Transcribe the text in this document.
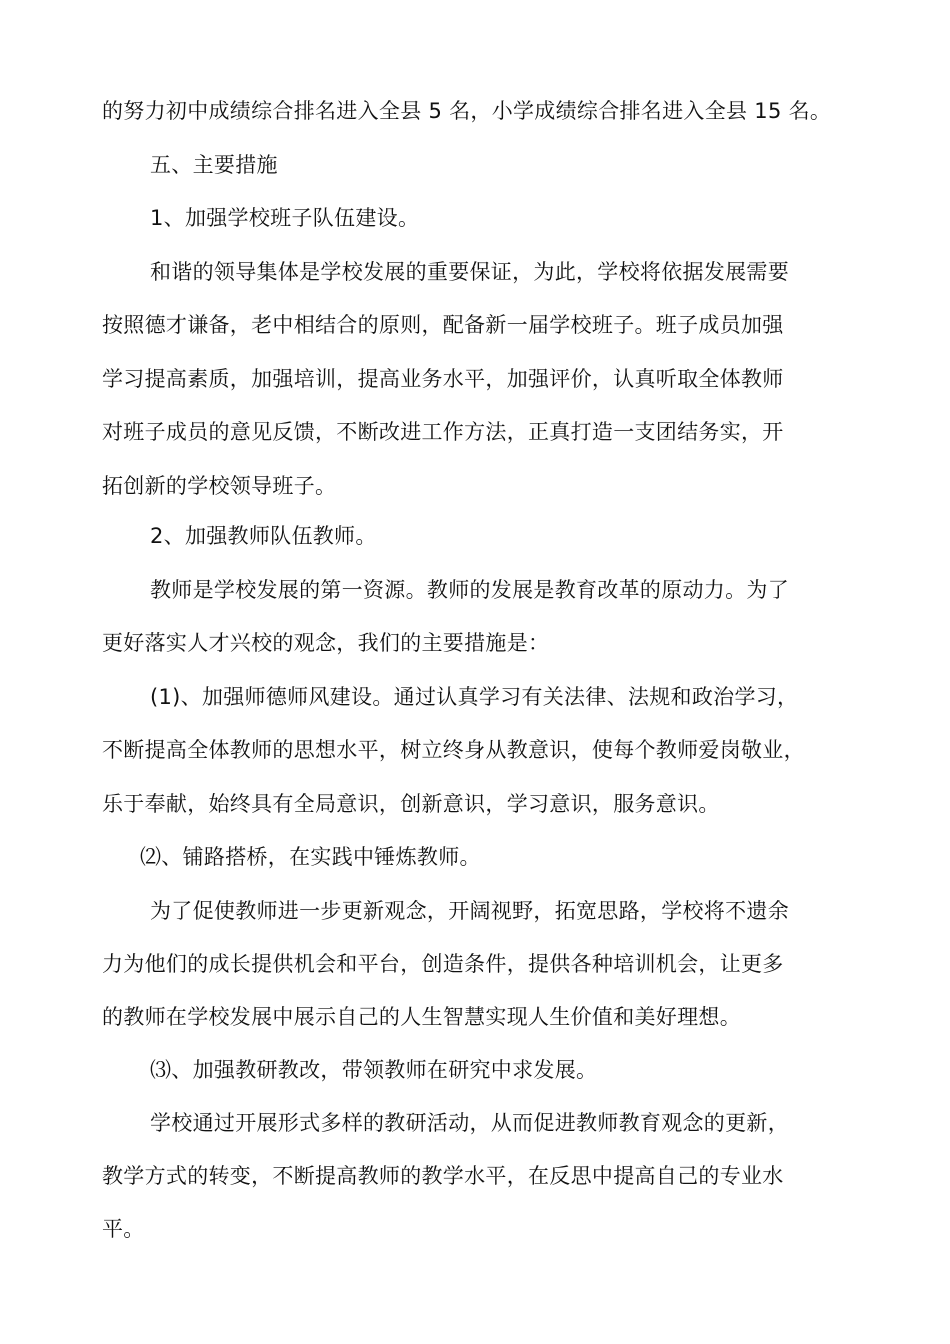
的努力初中成绩综合排名进入全县 5 名，小学成绩综合排名进入全县 15 名。
五、主要措施
1、加强学校班子队伍建设。
和谐的领导集体是学校发展的重要保证，为此，学校将依据发展需要
按照德才谦备，老中相结合的原则，配备新一届学校班子。班子成员加强
学习提高素质，加强培训，提高业务水平，加强评价，认真听取全体教师
对班子成员的意见反馈，不断改进工作方法，正真打造一支团结务实，开
拓创新的学校领导班子。
2、加强教师队伍教师。
教师是学校发展的第一资源。教师的发展是教育改革的原动力。为了
更好落实人才兴校的观念，我们的主要措施是：
(1)、加强师德师风建设。通过认真学习有关法律、法规和政治学习，
不断提高全体教师的思想水平，树立终身从教意识，使每个教师爱岗敬业，
乐于奉献，始终具有全局意识，创新意识，学习意识，服务意识。
⑵、铺路搭桥，在实践中锤炼教师。
为了促使教师进一步更新观念，开阔视野，拓宽思路，学校将不遗余
力为他们的成长提供机会和平台，创造条件，提供各种培训机会，让更多
的教师在学校发展中展示自己的人生智慧实现人生价值和美好理想。
⑶、加强教研教改，带领教师在研究中求发展。
学校通过开展形式多样的教研活动，从而促进教师教育观念的更新，
教学方式的转变，不断提高教师的教学水平，在反思中提高自己的专业水
平。
